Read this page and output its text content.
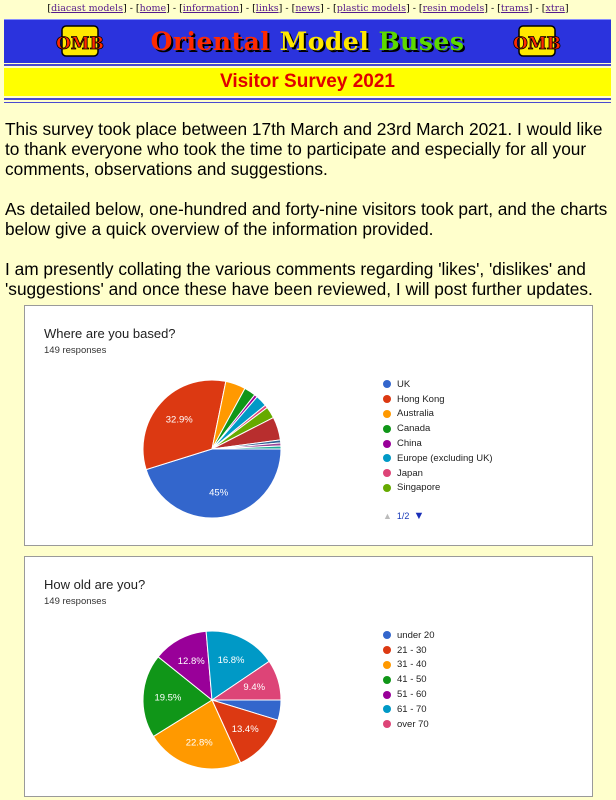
[diacast models] - [home] - [information] - [links] - [news] - [plastic models] - [resin models] - [trams] - [xtra]
OMB Oriental Model Buses	OMB
Visitor Survey 2021

This survey took place between 17th March and 23rd March 2021. I would like to thank everyone who took the time to participate and especially for all your comments, observations and suggestions.

As detailed below, one-hundred and forty-nine visitors took part, and the charts below give a quick overview of the information provided.

I am presently collating the various comments regarding 'likes', 'dislikes' and 'suggestions' and once these have been reviewed, I will post further updates.

Where are you based?
149 responses
45%
32.9%
UK
Hong Kong
Australia
Canada
China
Europe (excluding UK)
Japan
Singapore
▲ 1/2 ▼
How old are you?
149 responses
13.4%
22.8%
19.5%
12.8% 16.8%
9.4%
under 20
21 - 30
31 - 40
41 - 50
51 - 60
61 - 70
over 70
